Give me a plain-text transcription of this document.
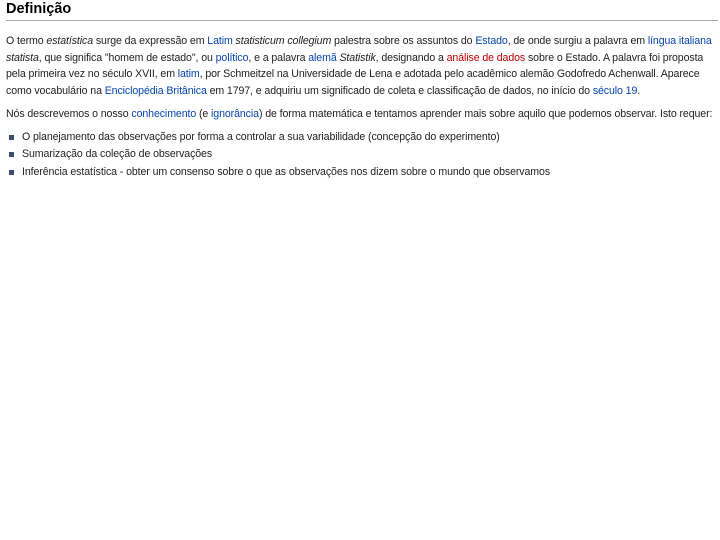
Definição

O termo estatística surge da expressão em Latim statisticum collegium palestra sobre os assuntos do Estado, de onde surgiu a palavra em língua italiana statista, que significa "homem de estado", ou político, e a palavra alemã Statistik, designando a análise de dados sobre o Estado. A palavra foi proposta pela primeira vez no século XVII, em latim, por Schmeitzel na Universidade de Lena e adotada pelo acadêmico alemão Godofredo Achenwall. Aparece como vocabulário na Enciclopédia Britânica em 1797, e adquiriu um significado de coleta e classificação de dados, no início do século 19.

Nós descrevemos o nosso conhecimento (e ignorância) de forma matemática e tentamos aprender mais sobre aquilo que podemos observar. Isto requer:

O planejamento das observações por forma a controlar a sua variabilidade (concepção do experimento)
Sumarização da coleção de observações
Inferência estatística - obter um consenso sobre o que as observações nos dizem sobre o mundo que observamos
